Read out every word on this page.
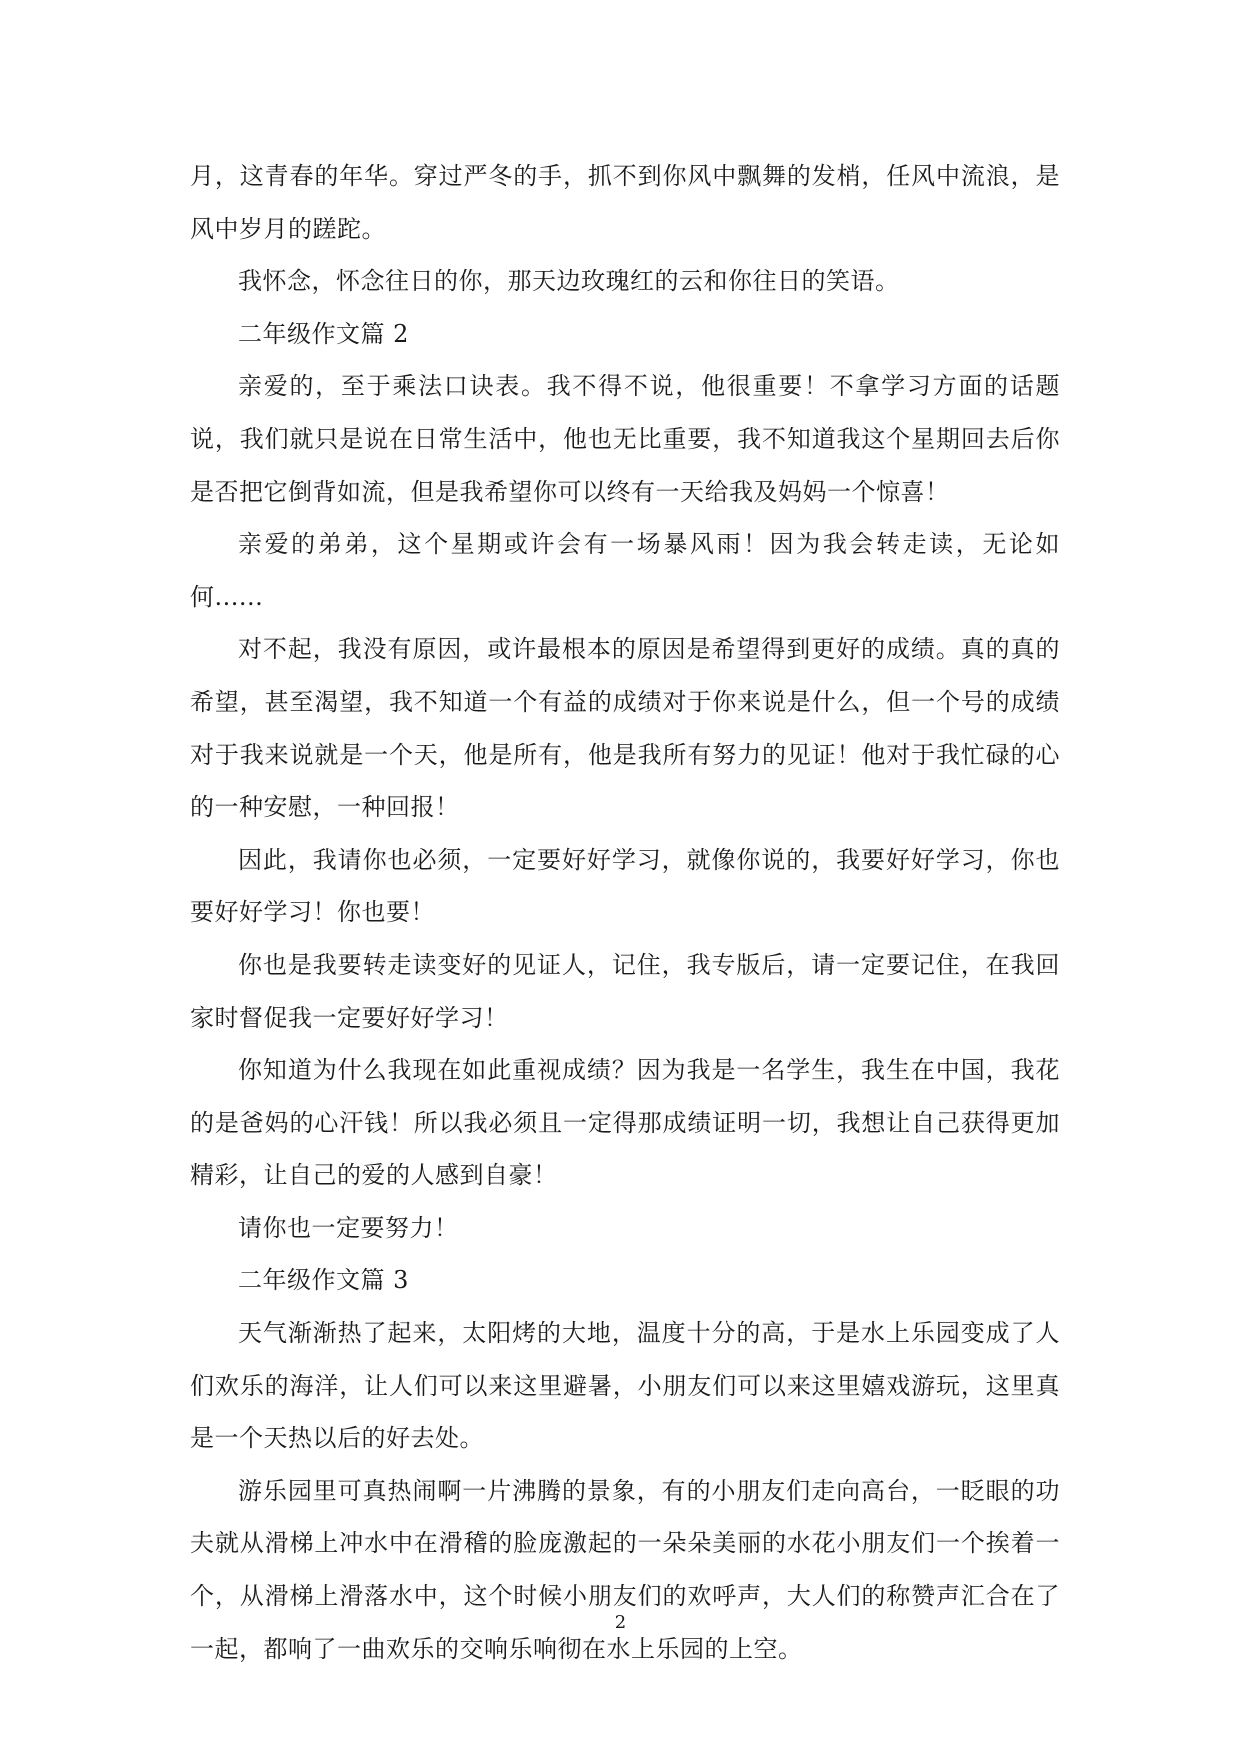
月，这青春的年华。穿过严冬的手，抓不到你风中飘舞的发梢，任风中流浪，是风中岁月的蹉跎。

我怀念，怀念往日的你，那天边玫瑰红的云和你往日的笑语。

二年级作文篇 2

亲爱的，至于乘法口诀表。我不得不说，他很重要！不拿学习方面的话题说，我们就只是说在日常生活中，他也无比重要，我不知道我这个星期回去后你是否把它倒背如流，但是我希望你可以终有一天给我及妈妈一个惊喜！

亲爱的弟弟，这个星期或许会有一场暴风雨！因为我会转走读，无论如何......

对不起，我没有原因，或许最根本的原因是希望得到更好的成绩。真的真的希望，甚至渴望，我不知道一个有益的成绩对于你来说是什么，但一个号的成绩对于我来说就是一个天，他是所有，他是我所有努力的见证！他对于我忙碌的心的一种安慰，一种回报！

因此，我请你也必须，一定要好好学习，就像你说的，我要好好学习，你也要好好学习！你也要！

你也是我要转走读变好的见证人，记住，我专版后，请一定要记住，在我回家时督促我一定要好好学习！

你知道为什么我现在如此重视成绩？因为我是一名学生，我生在中国，我花的是爸妈的心汗钱！所以我必须且一定得那成绩证明一切，我想让自己获得更加精彩，让自己的爱的人感到自豪！

请你也一定要努力！

二年级作文篇 3

天气渐渐热了起来，太阳烤的大地，温度十分的高，于是水上乐园变成了人们欢乐的海洋，让人们可以来这里避暑，小朋友们可以来这里嬉戏游玩，这里真是一个天热以后的好去处。

游乐园里可真热闹啊一片沸腾的景象，有的小朋友们走向高台，一眨眼的功夫就从滑梯上冲水中在滑稽的脸庞激起的一朵朵美丽的水花小朋友们一个挨着一个，从滑梯上滑落水中，这个时候小朋友们的欢呼声，大人们的称赞声汇合在了一起，都响了一曲欢乐的交响乐响彻在水上乐园的上空。

2
